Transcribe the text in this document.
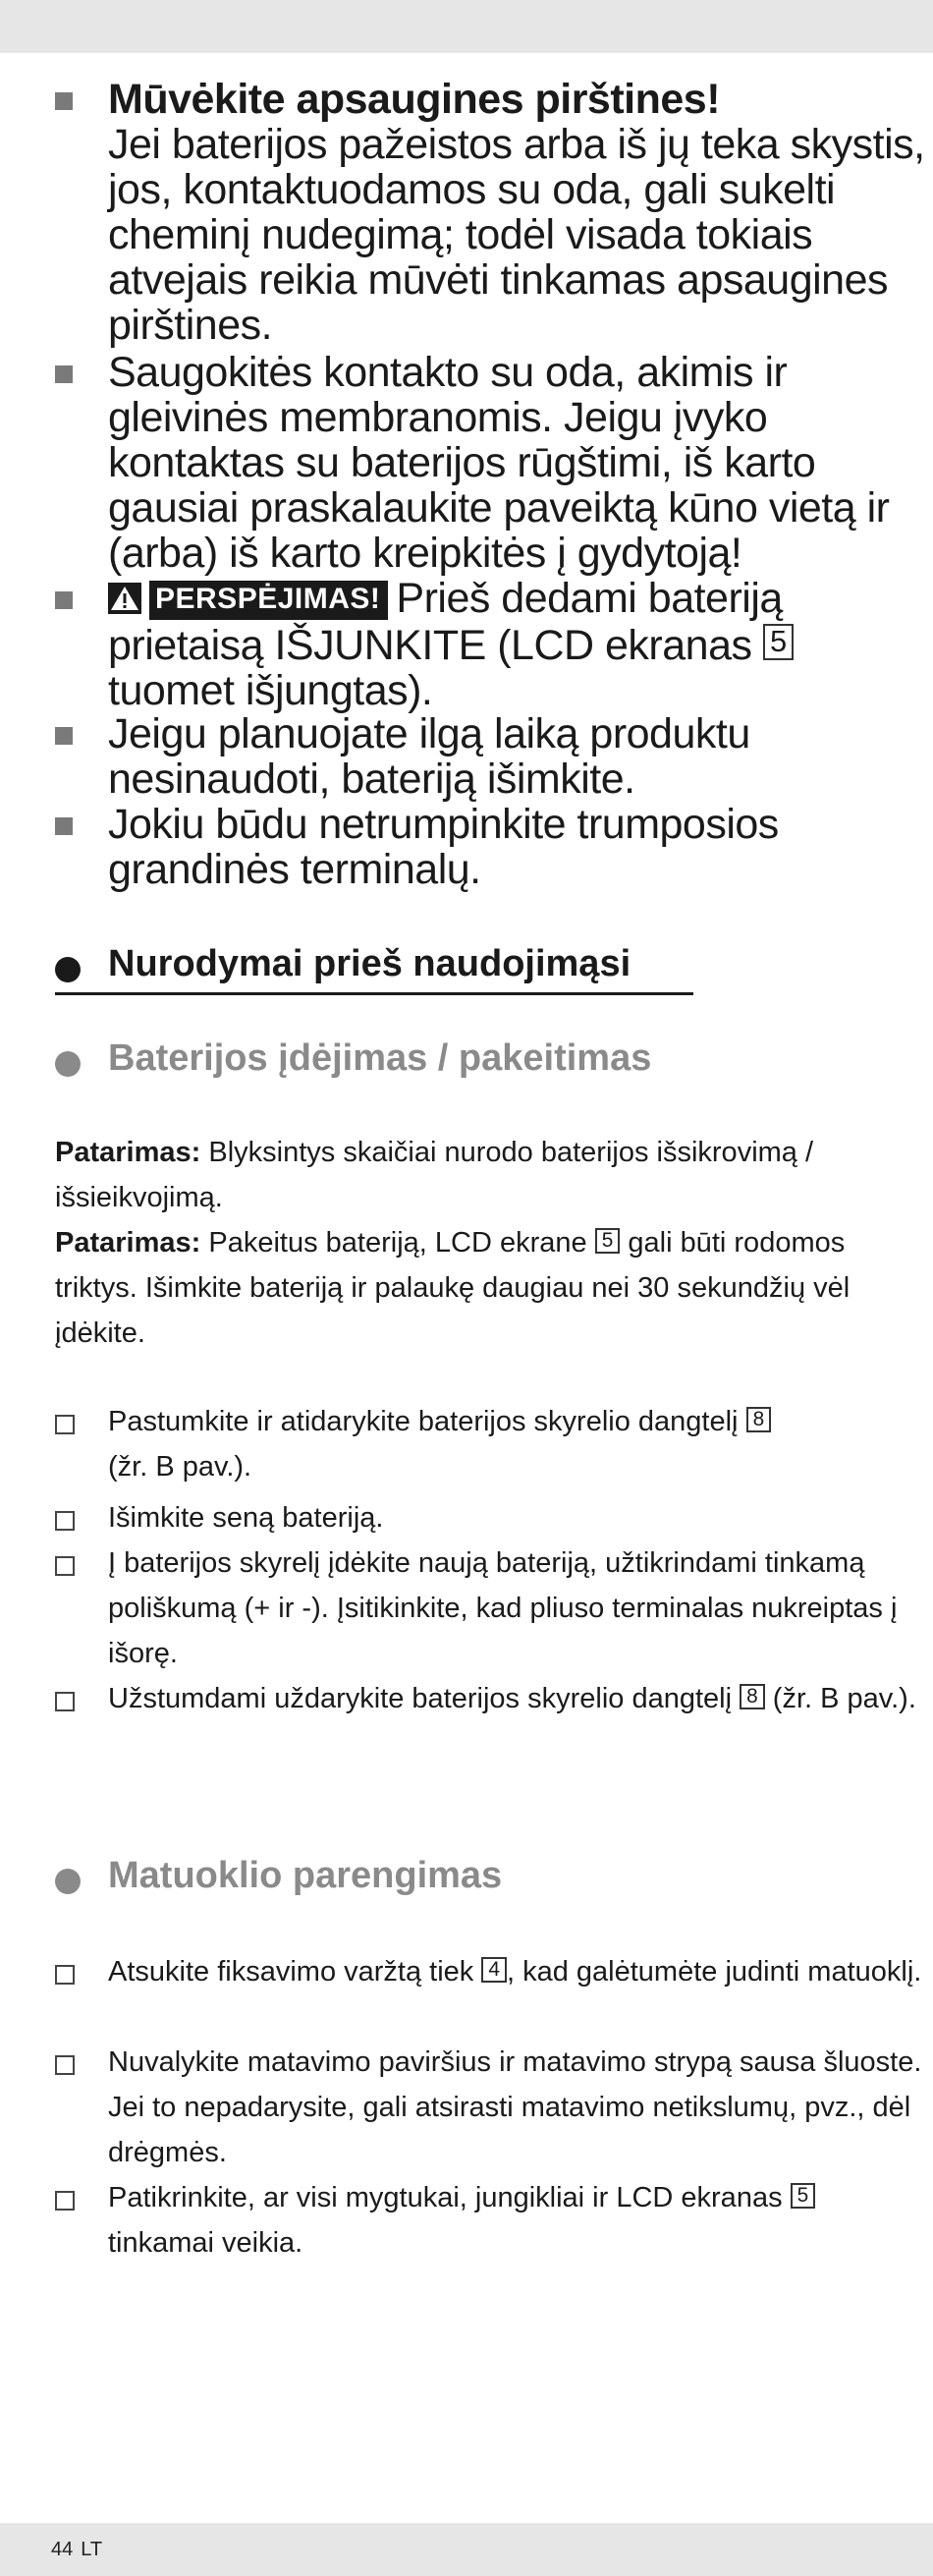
Mūvėkite apsaugines pirštines!
Jei baterijos pažeistos arba iš jų teka skystis, jos, kontaktuodamos su oda, gali sukelti cheminį nudegimą; todėl visada tokiais atvejais reikia mūvėti tinkamas apsaugines pirštines.
Saugokitės kontakto su oda, akimis ir gleivinės membranomis. Jeigu įvyko kontaktas su baterijos rūgštimi, iš karto gausiai praskalaukite paveiktą kūno vietą ir (arba) iš karto kreipkitės į gydytoją!
PERSPĖJIMAS! Prieš dedami bateriją prietaisą IŠJUNKITE (LCD ekranas 5
tuomet išjungtas).
Jeigu planuojate ilgą laiką produktu nesinaudoti, bateriją išimkite.
Jokiu būdu netrumpinkite trumposios grandinės terminalų.
Nurodymai prieš naudojimąsi
Baterijos įdėjimas / pakeitimas
Patarimas: Blyksintys skaičiai nurodo baterijos išsikrovimą / išsieikvojimą.
Patarimas: Pakeitus bateriją, LCD ekrane 5 gali būti rodomos triktys. Išimkite bateriją ir palaukę daugiau nei 30 sekundžių vėl įdėkite.
Pastumkite ir atidarykite baterijos skyrelio dangtelį 8
(žr. B pav.).
Išimkite seną bateriją.
Į baterijos skyrelį įdėkite naują bateriją, užtikrindami tinkamą poliškumą (+ ir -). Įsitikinkite, kad pliuso terminalas nukreiptas į išorę.
Užstumdami uždarykite baterijos skyrelio dangtelį 8 (žr. B pav.).
Matuoklio parengimas
Atsukite fiksavimo varžtą tiek 4 , kad galėtumėte judinti matuoklį.
Nuvalykite matavimo paviršius ir matavimo strypą sausa šluoste. Jei to nepadarysite, gali atsirasti matavimo netikslumų, pvz., dėl drėgmės.
Patikrinkite, ar visi mygtukai, jungikliai ir LCD ekranas 5
tinkamai veikia.
44 LT
